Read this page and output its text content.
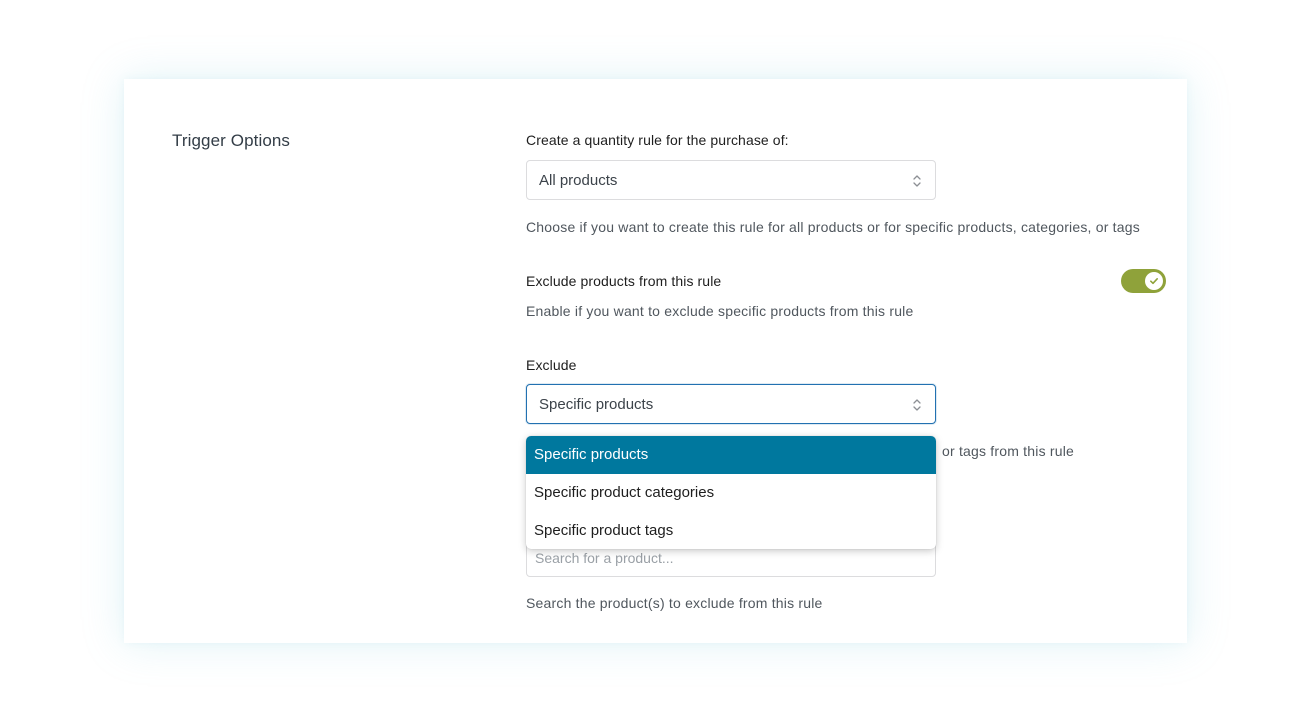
Trigger Options	Create a quantity rule for the purchase of:
All products
Choose if you want to create this rule for all products or for specific products, categories, or tags
Exclude products from this rule
Enable if you want to exclude specific products from this rule
Exclude
Specific products
or tags from this rule
Search for a product...
Search the product(s) to exclude from this rule
Specific products
Specific product categories
Specific product tags
